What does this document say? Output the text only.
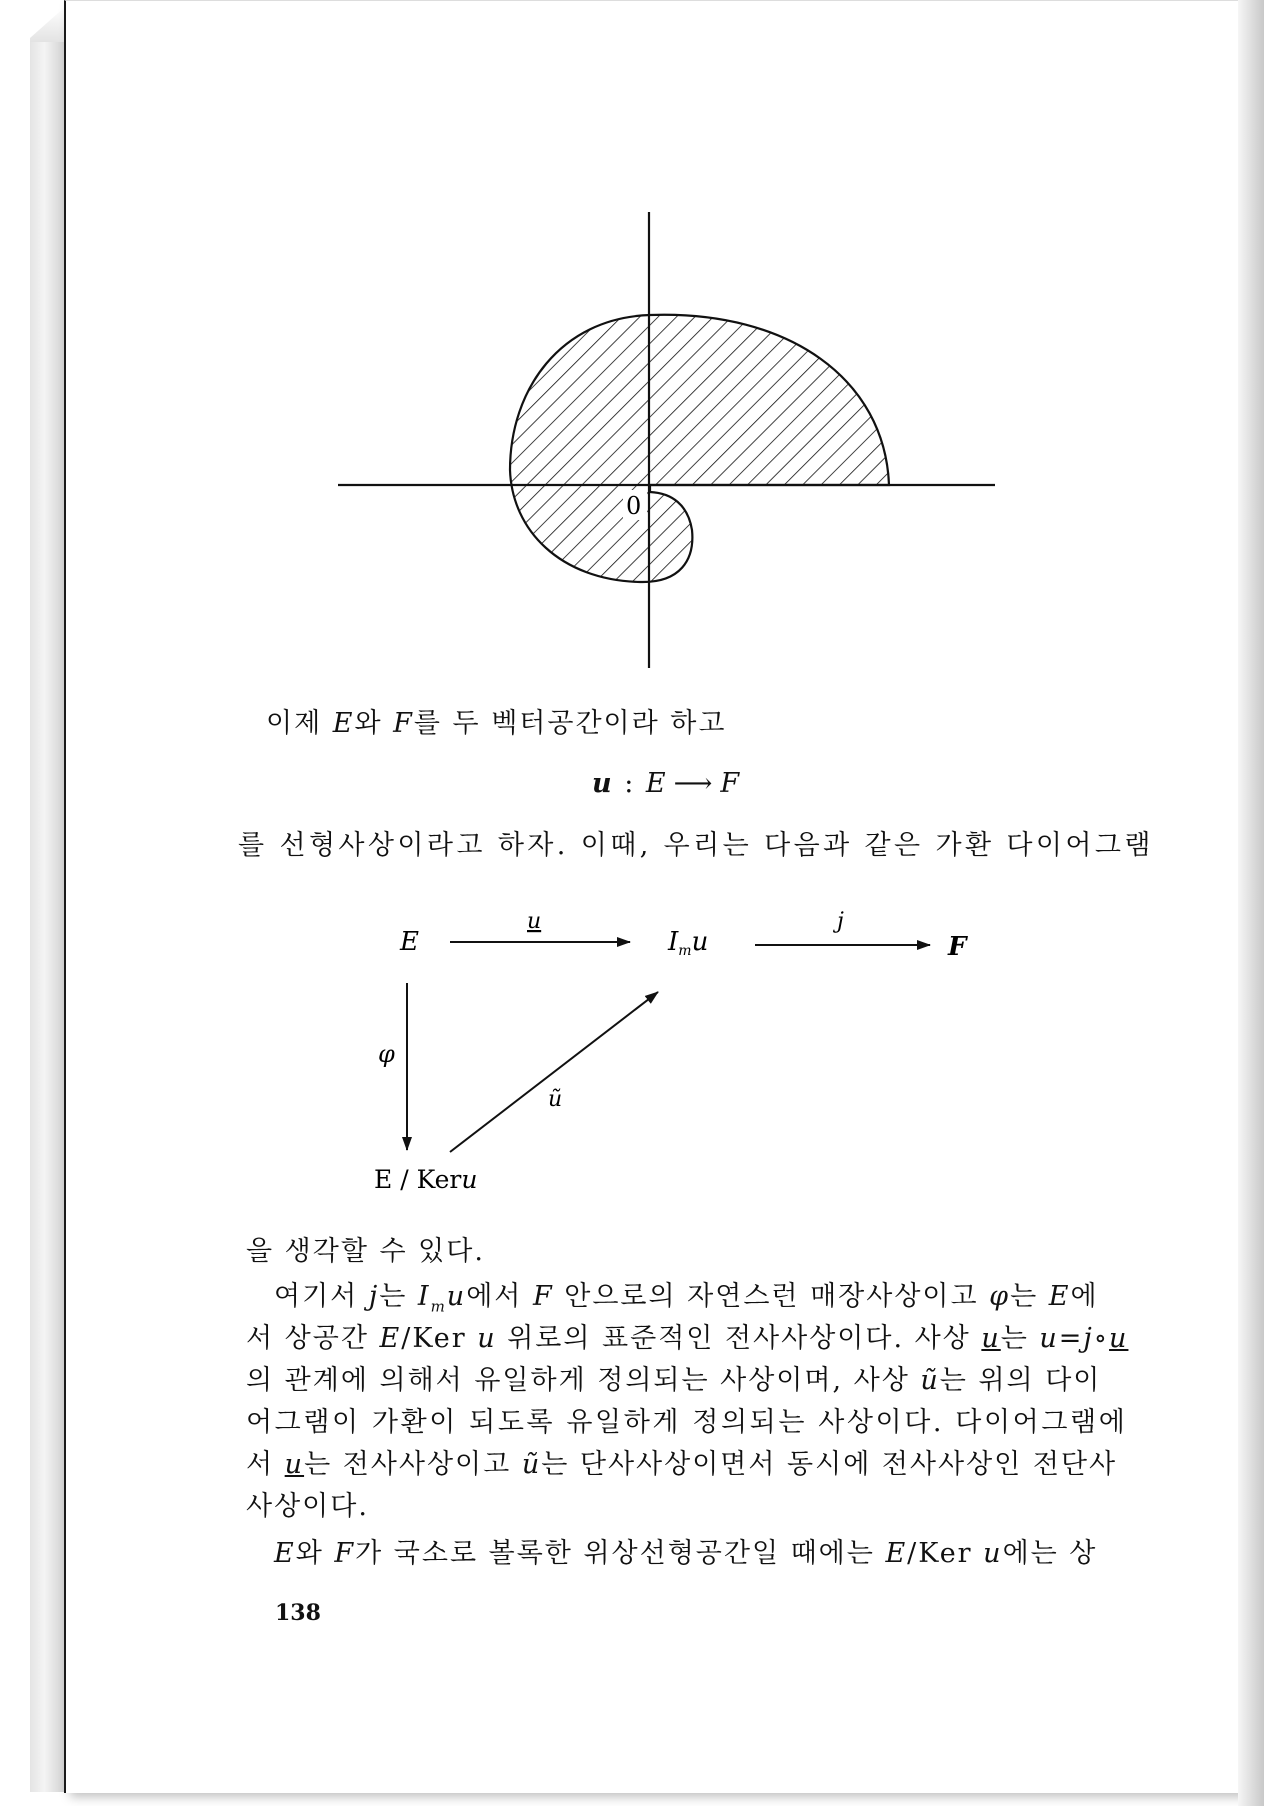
0
이제 E와 F를 두 벡터공간이라 하고
u : E ⟶ F
를 선형사상이라고 하자. 이때, 우리는 다음과 같은 가환 다이어그램
E	Imu	F
E / Keru
u	j
φ
ũ
을 생각할 수 있다.
여기서 j는 $I_mu$에서 F 안으로의 자연스런 매장사상이고 φ는 E에
서 상공간 E/Ker u 위로의 표준적인 전사사상이다. 사상 u는 u=j∘u
의 관계에 의해서 유일하게 정의되는 사상이며, 사상 ũ는 위의 다이
어그램이 가환이 되도록 유일하게 정의되는 사상이다. 다이어그램에
서 u는 전사사상이고 ũ는 단사사상이면서 동시에 전사사상인 전단사
사상이다.
E와 F가 국소로 볼록한 위상선형공간일 때에는 E/Ker u에는 상
138
